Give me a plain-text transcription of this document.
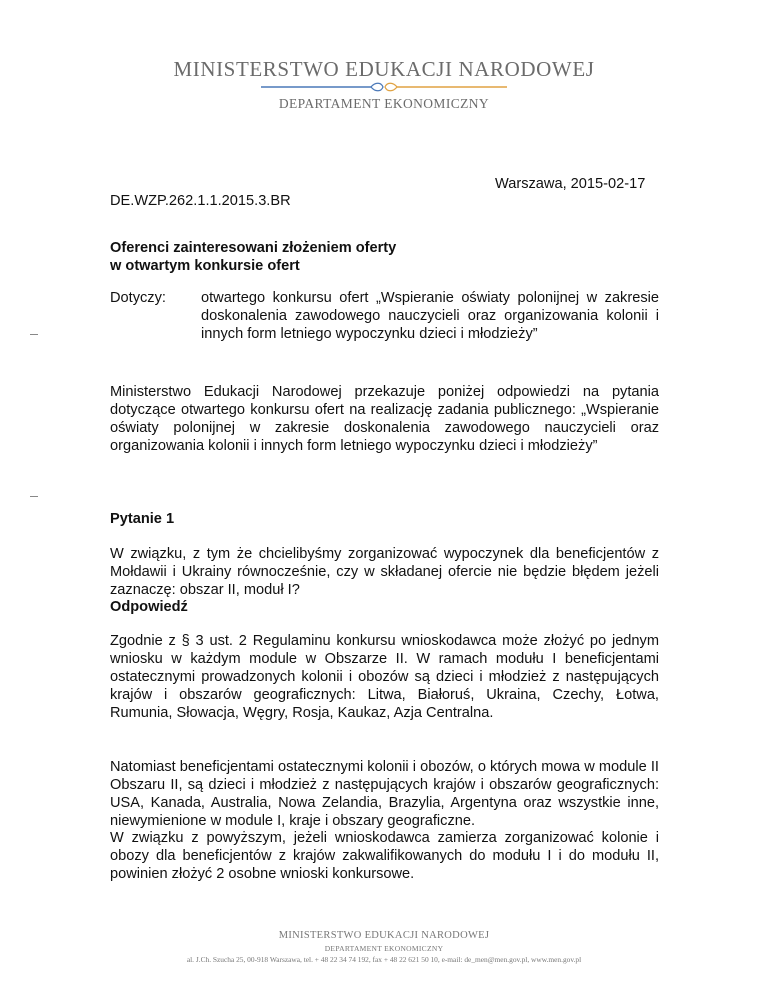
MINISTERSTWO EDUKACJI NARODOWEJ
DEPARTAMENT EKONOMICZNY
Warszawa, 2015-02-17
DE.WZP.262.1.1.2015.3.BR
Oferenci zainteresowani złożeniem oferty
w otwartym konkursie ofert
Dotyczy:	otwartego konkursu ofert „Wspieranie oświaty polonijnej w zakresie doskonalenia zawodowego nauczycieli oraz organizowania kolonii i innych form letniego wypoczynku dzieci i młodzieży”
Ministerstwo Edukacji Narodowej przekazuje poniżej odpowiedzi na pytania dotyczące otwartego konkursu ofert na realizację zadania publicznego: „Wspieranie oświaty polonijnej w zakresie doskonalenia zawodowego nauczycieli oraz organizowania kolonii i innych form letniego wypoczynku dzieci i młodzieży”
Pytanie 1
W związku, z tym że chcielibyśmy zorganizować wypoczynek dla beneficjentów z Mołdawii i Ukrainy równocześnie, czy w składanej ofercie nie będzie błędem jeżeli zaznaczę: obszar II, moduł I?
Odpowiedź
Zgodnie z § 3 ust. 2 Regulaminu konkursu wnioskodawca może złożyć po jednym wniosku w każdym module w Obszarze II. W ramach modułu I beneficjentami ostatecznymi prowadzonych kolonii i obozów są dzieci i młodzież z następujących krajów i obszarów geograficznych: Litwa, Białoruś, Ukraina, Czechy, Łotwa, Rumunia, Słowacja, Węgry, Rosja, Kaukaz, Azja Centralna.
Natomiast beneficjentami ostatecznymi kolonii i obozów, o których mowa w module II Obszaru II, są dzieci i młodzież z następujących krajów i obszarów geograficznych: USA, Kanada, Australia, Nowa Zelandia, Brazylia, Argentyna oraz wszystkie inne, niewymienione w module I, kraje i obszary geograficzne.
W związku z powyższym, jeżeli wnioskodawca zamierza zorganizować kolonie i obozy dla beneficjentów z krajów zakwalifikowanych do modułu I i do modułu II, powinien złożyć 2 osobne wnioski konkursowe.
MINISTERSTWO EDUKACJI NARODOWEJ
DEPARTAMENT EKONOMICZNY
al. J.Ch. Szucha 25, 00-918 Warszawa, tel. + 48 22 34 74 192, fax + 48 22 621 50 10, e-mail: de_men@men.gov.pl, www.men.gov.pl
